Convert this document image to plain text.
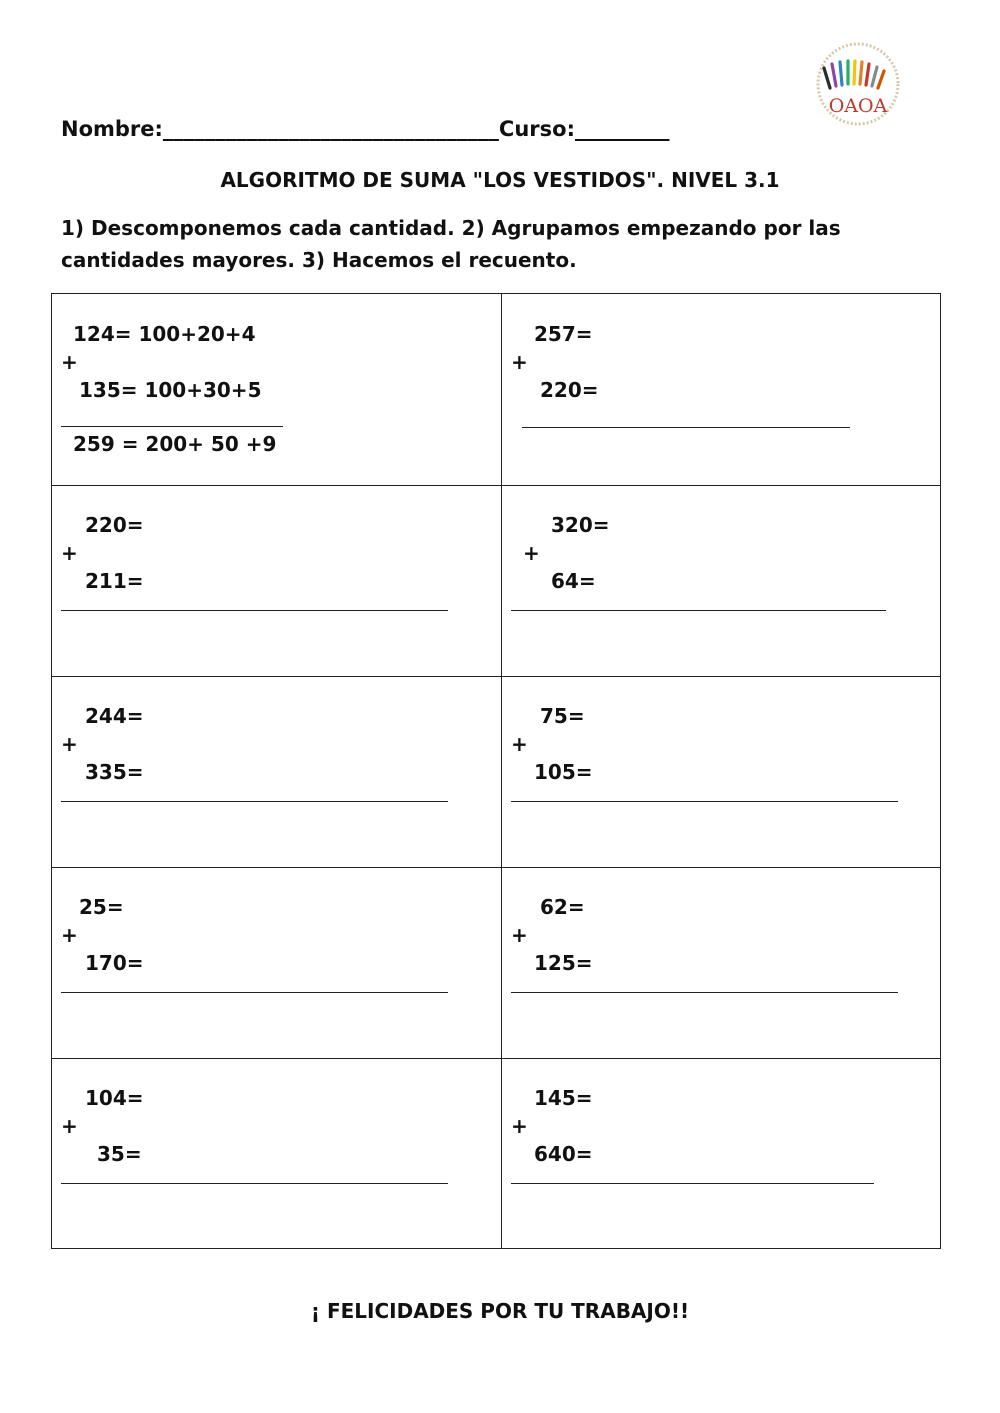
OAOA
Nombre:________________________________Curso:_________
ALGORITMO DE SUMA "LOS VESTIDOS". NIVEL 3.1
1) Descomponemos cada cantidad. 2) Agrupamos empezando por las cantidades mayores. 3) Hacemos el recuento.
124= 100+20+4
+
135= 100+30+5
259 = 200+ 50 +9
257=
+
220=
220=
+
211=
320=
+
64=
244=
+
335=
75=
+
105=
25=
+
170=
62=
+
125=
104=
+
35=
145=
+
640=
¡ FELICIDADES POR TU TRABAJO!!
